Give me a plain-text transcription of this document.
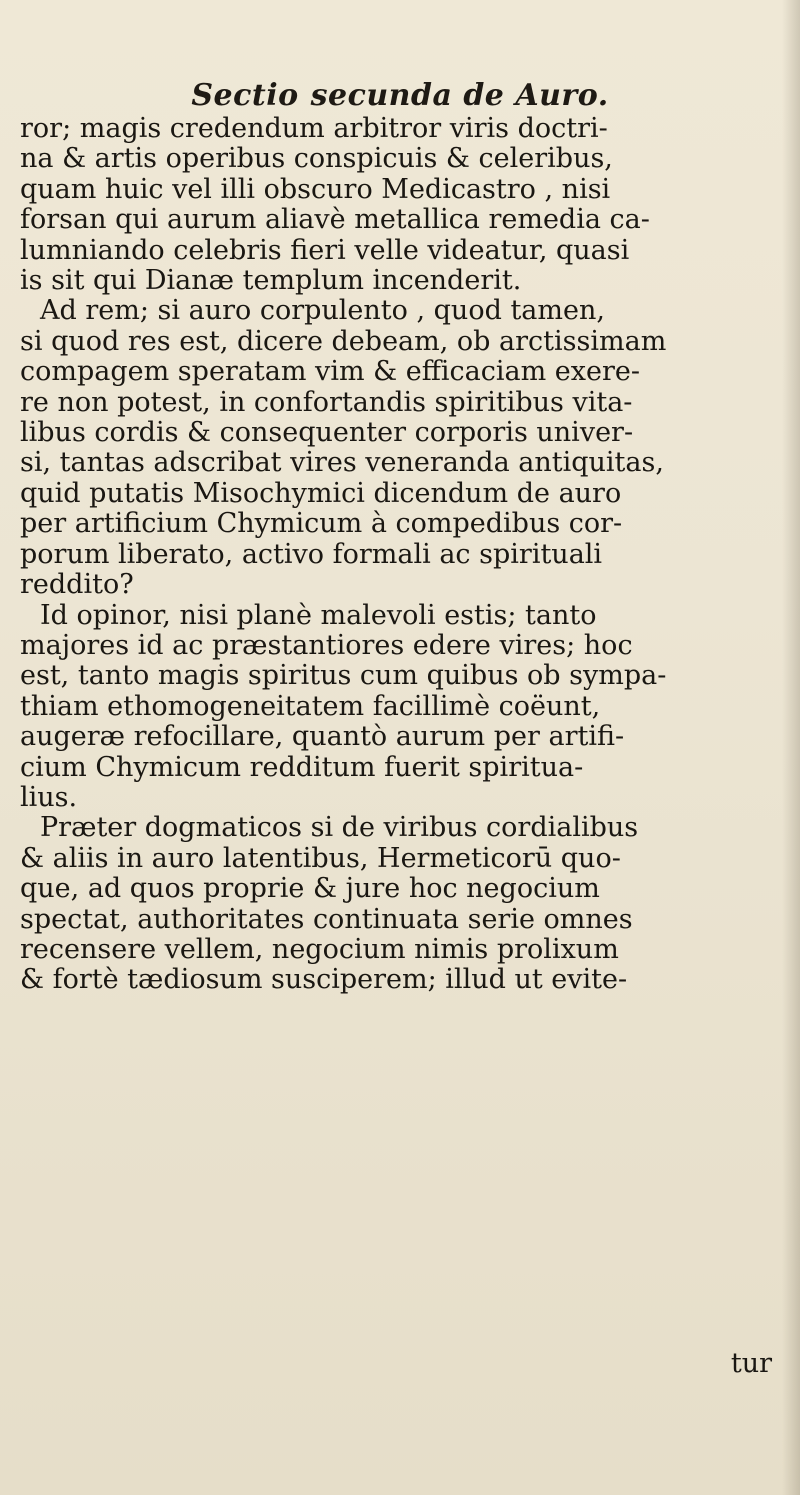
Sectio secunda de Auro.
ror; magis credendum arbitror viris doctri-
na & artis operibus conspicuis & celeribus,
quam huic vel illi obscuro Medicastro , nisi
forsan qui aurum aliavè metallica remedia ca-
lumniando celebris fieri velle videatur, quasi
is sit qui Dianæ templum incenderit.
Ad rem; si auro corpulento , quod tamen,
si quod res est, dicere debeam, ob arctissimam
compagem speratam vim & efficaciam exere-
re non potest, in confortandis spiritibus vita-
libus cordis & consequenter corporis univer-
si, tantas adscribat vires veneranda antiquitas,
quid putatis Misochymici dicendum de auro
per artificium Chymicum à compedibus cor-
porum liberato, activo formali ac spirituali
reddito?
Id opinor, nisi planè malevoli estis; tanto
majores id ac præstantiores edere vires; hoc
est, tanto magis spiritus cum quibus ob sympa-
thiam ethomogeneitatem facillimè coëunt,
augeræ refocillare, quantò aurum per artifi-
cium Chymicum redditum fuerit spiritua-
lius.
Præter dogmaticos si de viribus cordialibus
& aliis in auro latentibus, Hermeticorū quo-
que, ad quos proprie & jure hoc negocium
spectat, authoritates continuata serie omnes
recensere vellem, negocium nimis prolixum
& fortè tædiosum susciperem; illud ut evite-
tur
